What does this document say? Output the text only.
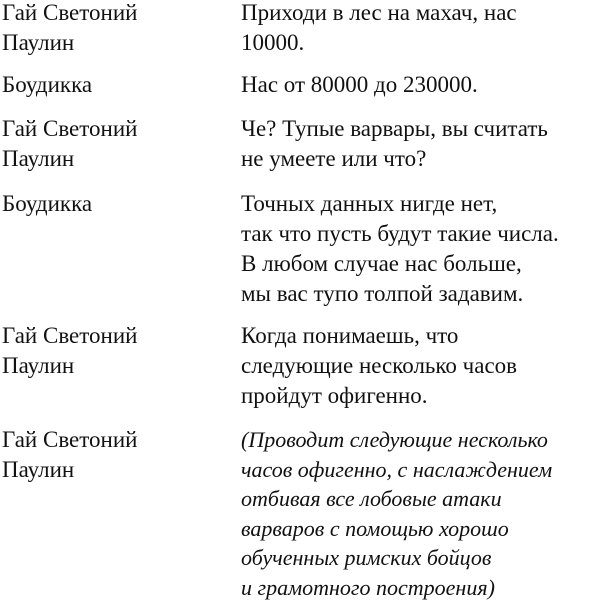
Гай Светоний
Паулин
Приходи в лес на махач, нас
10000.
Боудикка	Нас от 80000 до 230000.
Гай Светоний
Паулин
Че? Тупые варвары, вы считать
не умеете или что?
Боудикка	Точных данных нигде нет,
так что пусть будут такие числа.
В любом случае нас больше,
мы вас тупо толпой задавим.
Гай Светоний
Паулин
Когда понимаешь, что
следующие несколько часов
пройдут офигенно.
Гай Светоний
Паулин
(Проводит следующие несколько
часов офигенно, с наслаждением
отбивая все лобовые атаки
варваров с помощью хорошо
обученных римских бойцов
и грамотного построения)
